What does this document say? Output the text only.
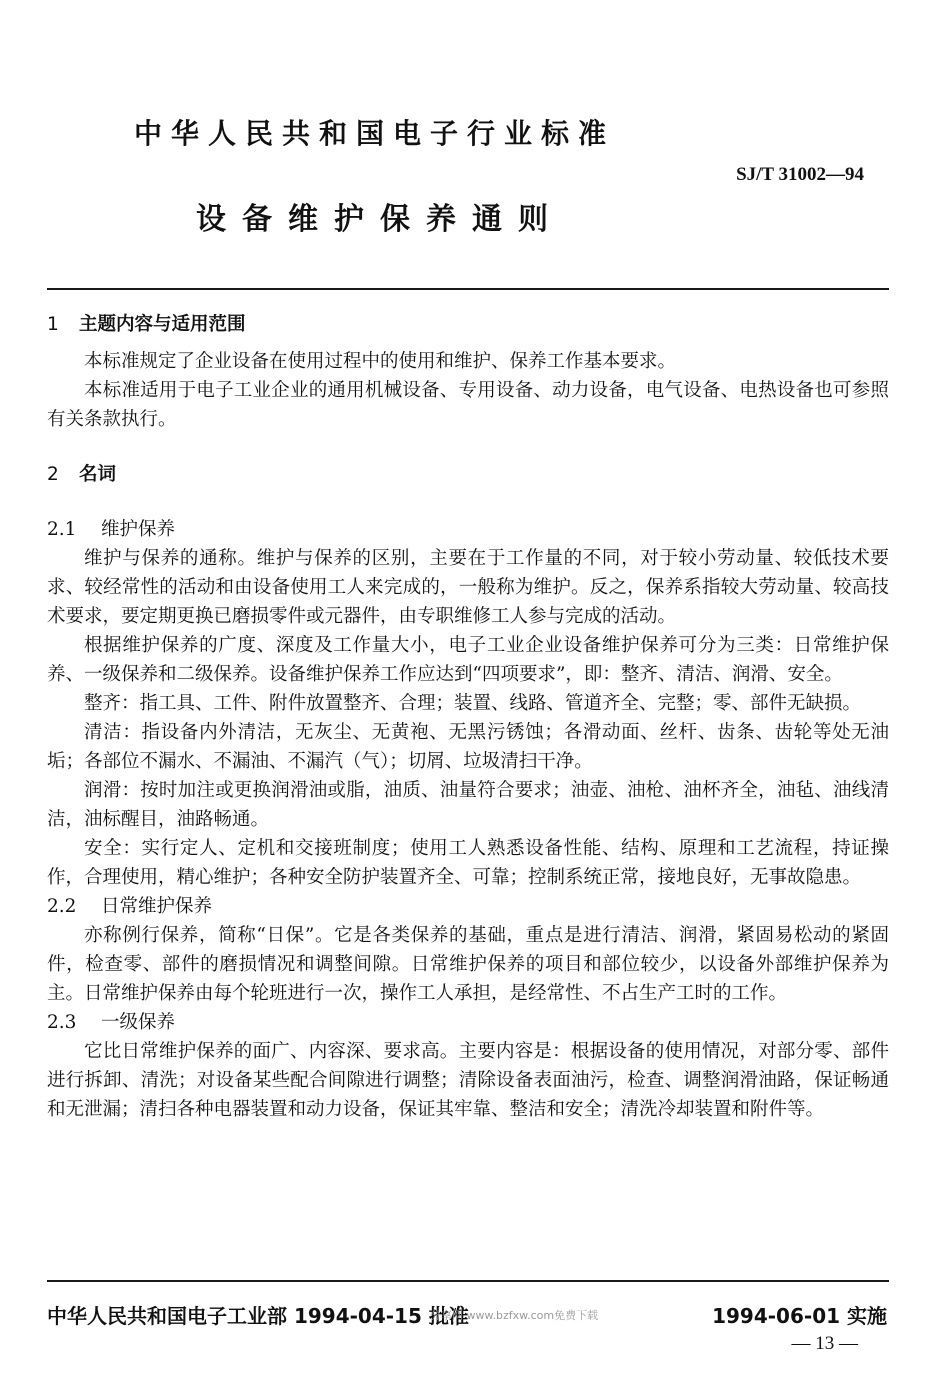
中华人民共和国电子行业标准
SJ/T 31002—94
设备维护保养通则
1 主题内容与适用范围

本标准规定了企业设备在使用过程中的使用和维护、保养工作基本要求。

本标准适用于电子工业企业的通用机械设备、专用设备、动力设备，电气设备、电热设备也可参照有关条款执行。

2 名词
2.1 维护保养

维护与保养的通称。维护与保养的区别，主要在于工作量的不同，对于较小劳动量、较低技术要求、较经常性的活动和由设备使用工人来完成的，一般称为维护。反之，保养系指较大劳动量、较高技术要求，要定期更换已磨损零件或元器件，由专职维修工人参与完成的活动。

根据维护保养的广度、深度及工作量大小，电子工业企业设备维护保养可分为三类：日常维护保养、一级保养和二级保养。设备维护保养工作应达到“四项要求”，即：整齐、清洁、润滑、安全。

整齐：指工具、工件、附件放置整齐、合理；装置、线路、管道齐全、完整；零、部件无缺损。

清洁：指设备内外清洁，无灰尘、无黄袍、无黑污锈蚀；各滑动面、丝杆、齿条、齿轮等处无油垢；各部位不漏水、不漏油、不漏汽（气）；切屑、垃圾清扫干净。

润滑：按时加注或更换润滑油或脂，油质、油量符合要求；油壶、油枪、油杯齐全，油毡、油线清洁，油标醒目，油路畅通。

安全：实行定人、定机和交接班制度；使用工人熟悉设备性能、结构、原理和工艺流程，持证操作，合理使用，精心维护；各种安全防护装置齐全、可靠；控制系统正常，接地良好，无事故隐患。

2.2 日常维护保养

亦称例行保养，简称“日保”。它是各类保养的基础，重点是进行清洁、润滑，紧固易松动的紧固件，检查零、部件的磨损情况和调整间隙。日常维护保养的项目和部位较少，以设备外部维护保养为主。日常维护保养由每个轮班进行一次，操作工人承担，是经常性、不占生产工时的工作。

2.3 一级保养

它比日常维护保养的面广、内容深、要求高。主要内容是：根据设备的使用情况，对部分零、部件进行拆卸、清洗；对设备某些配合间隙进行调整；清除设备表面油污，检查、调整润滑油路，保证畅通和无泄漏；清扫各种电器装置和动力设备，保证其牢靠、整洁和安全；清洗冷却装置和附件等。

中华人民共和国电子工业部 1994-04-15 批准	1994-06-01 实施
分享网 www.bzfxw.com免费下载
— 13 —
